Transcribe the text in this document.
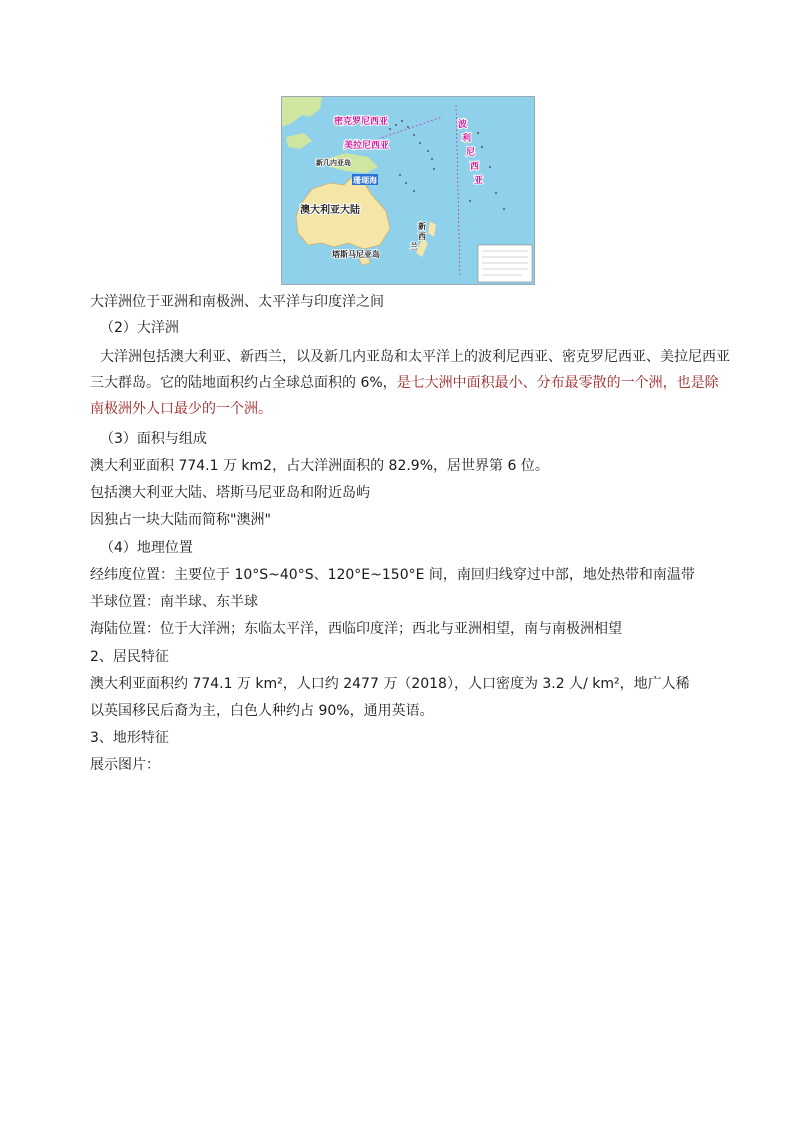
密克罗尼西亚
美拉尼西亚
新几内亚岛
珊瑚海
澳大利亚大陆
塔斯马尼亚岛
波
利
尼
西
亚
新
西
兰
大洋洲位于亚洲和南极洲、太平洋与印度洋之间
（2）大洋洲
大洋洲包括澳大利亚、新西兰，以及新几内亚岛和太平洋上的波利尼西亚、密克罗尼西亚、美拉尼西亚三大群岛。它的陆地面积约占全球总面积的 6%，是七大洲中面积最小、分布最零散的一个洲，也是除南极洲外人口最少的一个洲。
（3）面积与组成
澳大利亚面积 774.1 万 km2，占大洋洲面积的 82.9%，居世界第 6 位。
包括澳大利亚大陆、塔斯马尼亚岛和附近岛屿
因独占一块大陆而简称"澳洲"
（4）地理位置
经纬度位置：主要位于 10°S~40°S、120°E~150°E 间，南回归线穿过中部，地处热带和南温带
半球位置：南半球、东半球
海陆位置：位于大洋洲；东临太平洋，西临印度洋；西北与亚洲相望，南与南极洲相望
2、居民特征
澳大利亚面积约 774.1 万 km²，人口约 2477 万（2018），人口密度为 3.2 人/ km²，地广人稀
以英国移民后裔为主，白色人种约占 90%，通用英语。
3、地形特征
展示图片：
